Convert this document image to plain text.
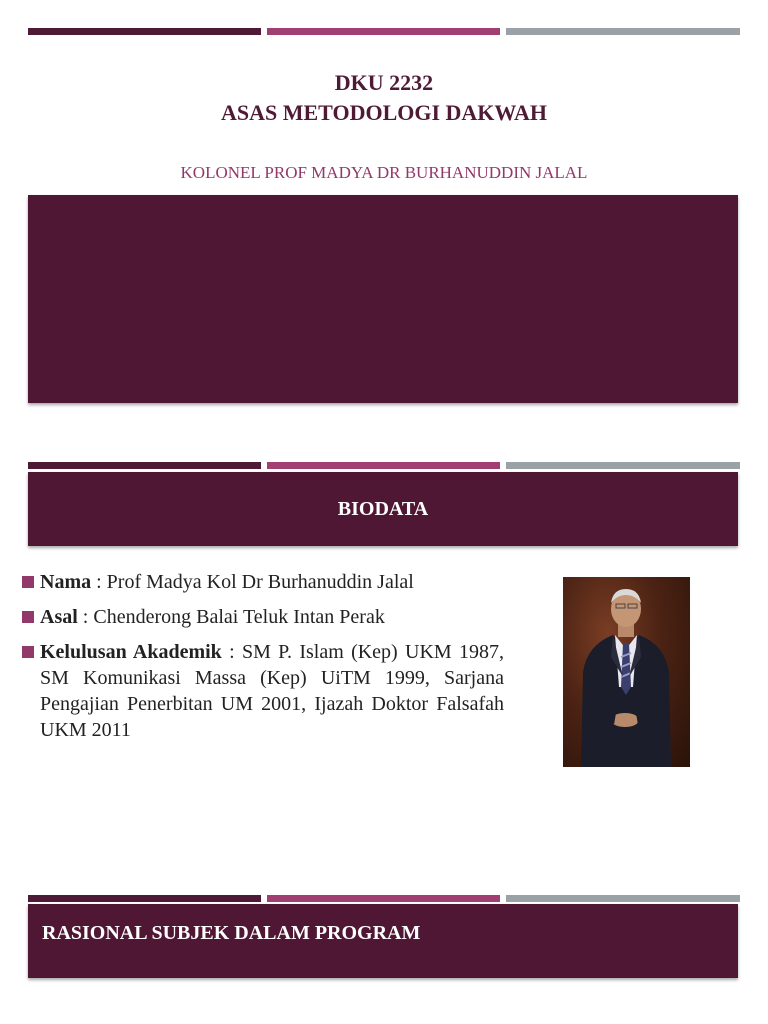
DKU 2232
ASAS METODOLOGI DAKWAH
KOLONEL PROF MADYA DR BURHANUDDIN JALAL
BIODATA
Nama : Prof Madya Kol Dr Burhanuddin Jalal
Asal : Chenderong Balai Teluk Intan Perak
Kelulusan Akademik : SM P. Islam (Kep) UKM 1987, SM Komunikasi Massa (Kep) UiTM 1999, Sarjana Pengajian Penerbitan UM 2001, Ijazah Doktor Falsafah UKM 2011
RASIONAL SUBJEK DALAM PROGRAM
